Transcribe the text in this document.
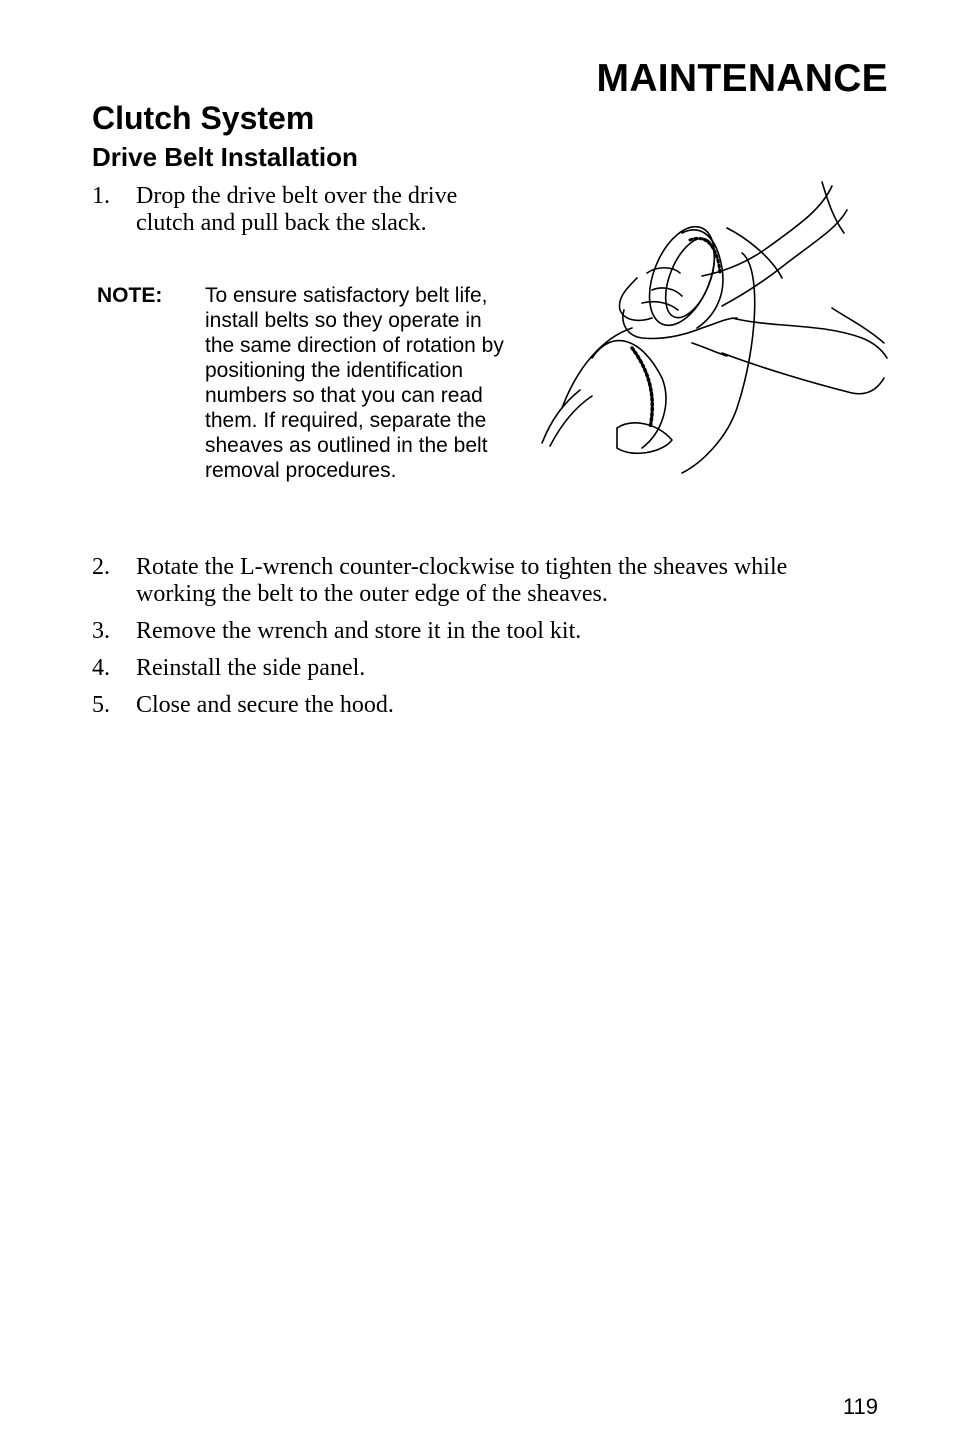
MAINTENANCE
Clutch System
Drive Belt Installation
1. Drop the drive belt over the drive clutch and pull back the slack.
NOTE: To ensure satisfactory belt life, install belts so they operate in the same direction of rotation by positioning the identification numbers so that you can read them. If required, separate the sheaves as outlined in the belt removal procedures.
2. Rotate the L-wrench counter-clockwise to tighten the sheaves while working the belt to the outer edge of the sheaves.
3. Remove the wrench and store it in the tool kit.
4. Reinstall the side panel.
5. Close and secure the hood.

119
